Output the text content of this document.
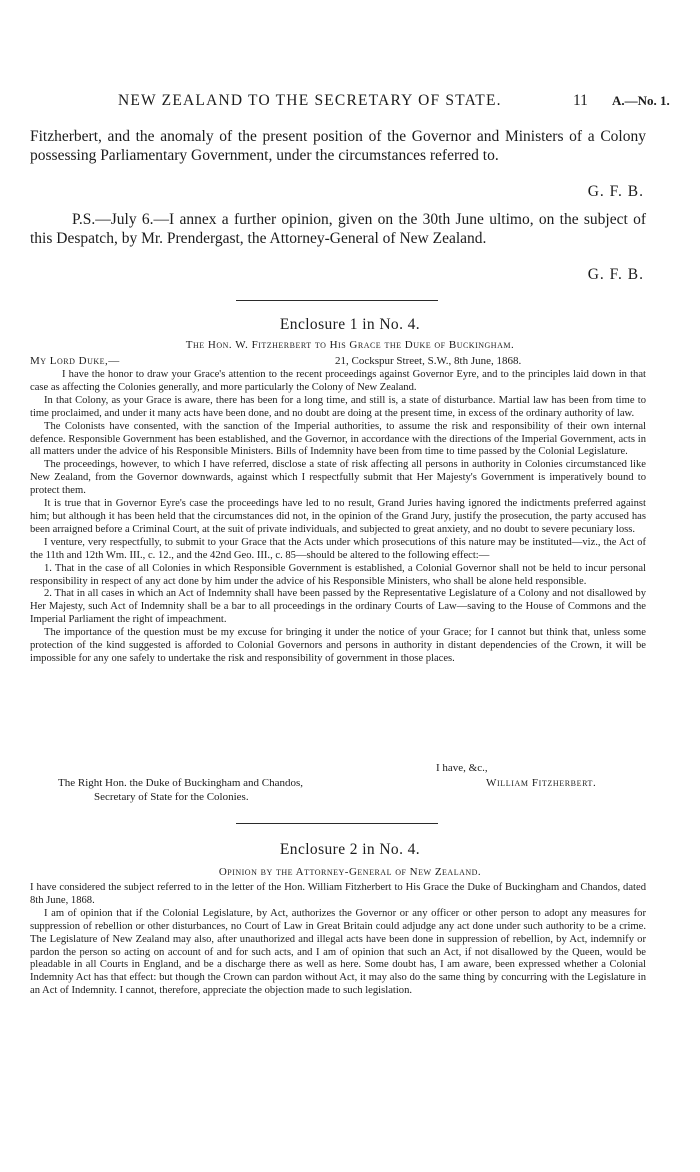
NEW ZEALAND TO THE SECRETARY OF STATE.	11 A.—No. 1.

Fitzherbert, and the anomaly of the present position of the Governor and Ministers of a Colony possessing Parliamentary Government, under the circumstances referred to.

G. F. B.

P.S.—July 6.—I annex a further opinion, given on the 30th June ultimo, on the subject of this Despatch, by Mr. Prendergast, the Attorney-General of New Zealand.

G. F. B.
Enclosure 1 in No. 4.
The Hon. W. Fitzherbert to His Grace the Duke of Buckingham.
My Lord Duke,—	21, Cockspur Street, S.W., 8th June, 1868.

I have the honor to draw your Grace's attention to the recent proceedings against Governor Eyre, and to the principles laid down in that case as affecting the Colonies generally, and more particularly the Colony of New Zealand.

In that Colony, as your Grace is aware, there has been for a long time, and still is, a state of disturbance. Martial law has been from time to time proclaimed, and under it many acts have been done, and no doubt are doing at the present time, in excess of the ordinary authority of law.

The Colonists have consented, with the sanction of the Imperial authorities, to assume the risk and responsibility of their own internal defence. Responsible Government has been established, and the Governor, in accordance with the directions of the Imperial Government, acts in all matters under the advice of his Responsible Ministers. Bills of Indemnity have been from time to time passed by the Colonial Legislature.

The proceedings, however, to which I have referred, disclose a state of risk affecting all persons in authority in Colonies circumstanced like New Zealand, from the Governor downwards, against which I respectfully submit that Her Majesty's Government is imperatively bound to protect them.

It is true that in Governor Eyre's case the proceedings have led to no result, Grand Juries having ignored the indictments preferred against him; but although it has been held that the circumstances did not, in the opinion of the Grand Jury, justify the prosecution, the party accused has been arraigned before a Criminal Court, at the suit of private individuals, and subjected to great anxiety, and no doubt to severe pecuniary loss.

I venture, very respectfully, to submit to your Grace that the Acts under which prosecutions of this nature may be instituted—viz., the Act of the 11th and 12th Wm. III., c. 12., and the 42nd Geo. III., c. 85—should be altered to the following effect:—

1. That in the case of all Colonies in which Responsible Government is established, a Colonial Governor shall not be held to incur personal responsibility in respect of any act done by him under the advice of his Responsible Ministers, who shall be alone held responsible.

2. That in all cases in which an Act of Indemnity shall have been passed by the Representative Legislature of a Colony and not disallowed by Her Majesty, such Act of Indemnity shall be a bar to all proceedings in the ordinary Courts of Law—saving to the House of Commons and the Imperial Parliament the right of impeachment.

The importance of the question must be my excuse for bringing it under the notice of your Grace; for I cannot but think that, unless some protection of the kind suggested is afforded to Colonial Governors and persons in authority in distant dependencies of the Crown, it will be impossible for any one safely to undertake the risk and responsibility of government in those places.

I have, &c.,
The Right Hon. the Duke of Buckingham and Chandos,	William Fitzherbert.
Secretary of State for the Colonies.
Enclosure 2 in No. 4.
Opinion by the Attorney-General of New Zealand.

I have considered the subject referred to in the letter of the Hon. William Fitzherbert to His Grace the Duke of Buckingham and Chandos, dated 8th June, 1868.

I am of opinion that if the Colonial Legislature, by Act, authorizes the Governor or any officer or other person to adopt any measures for suppression of rebellion or other disturbances, no Court of Law in Great Britain could adjudge any act done under such authority to be a crime. The Legislature of New Zealand may also, after unauthorized and illegal acts have been done in suppression of rebellion, by Act, indemnify or pardon the person so acting on account of and for such acts, and I am of opinion that such an Act, if not disallowed by the Queen, would be pleadable in all Courts in England, and be a discharge there as well as here. Some doubt has, I am aware, been expressed whether a Colonial Indemnity Act has that effect: but though the Crown can pardon without Act, it may also do the same thing by concurring with the Legislature in an Act of Indemnity. I cannot, therefore, appreciate the objection made to such legislation.
